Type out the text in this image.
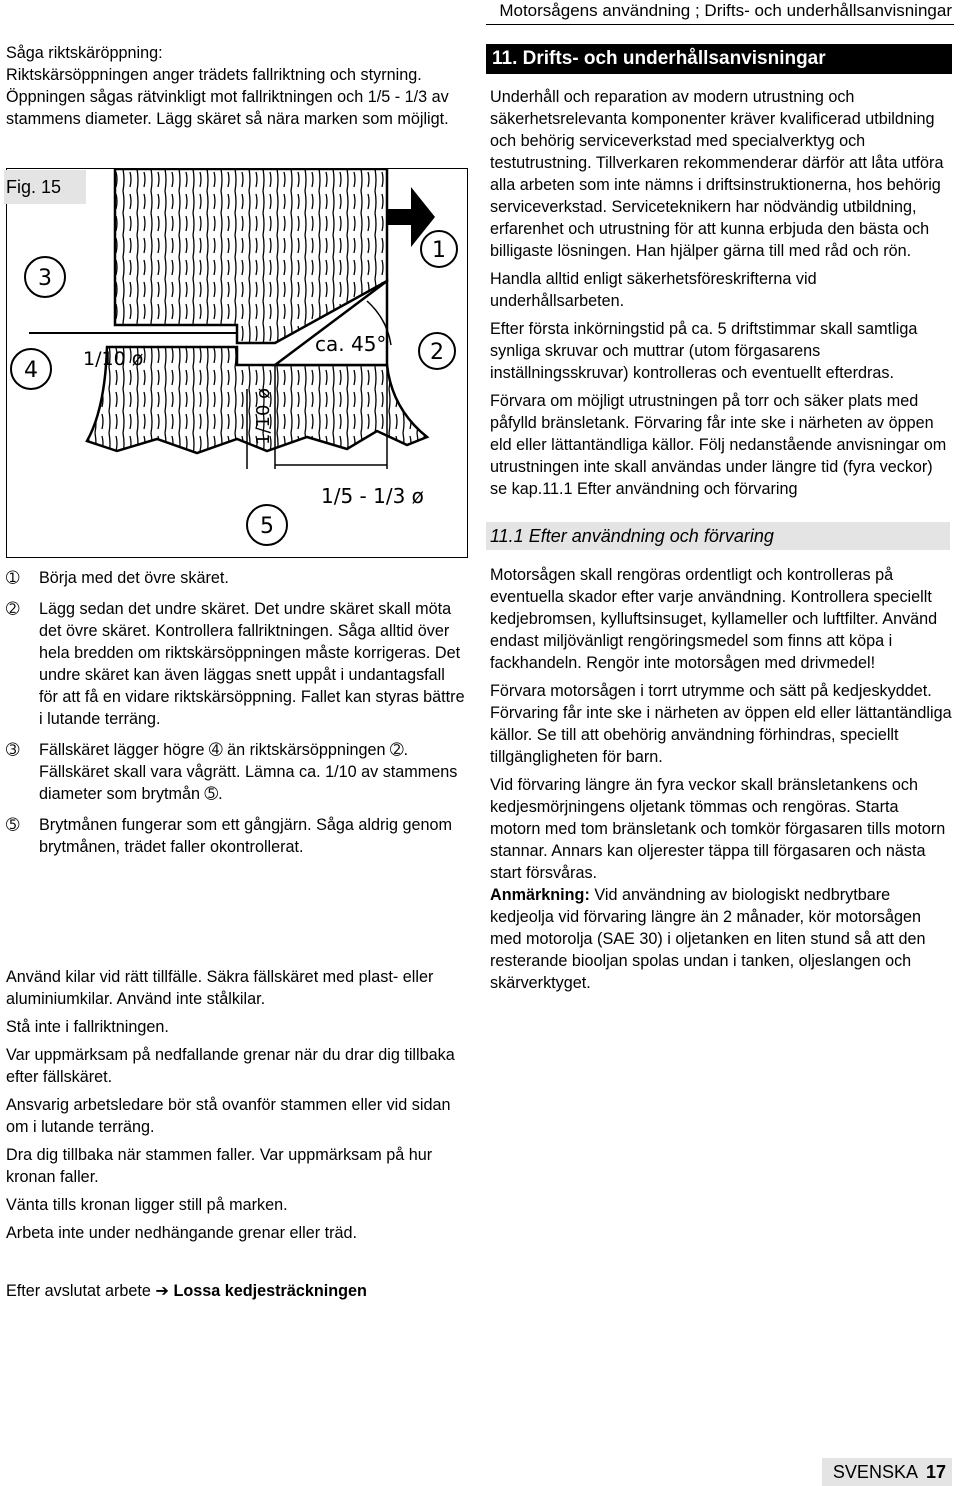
Motorsågens användning ; Drifts- och underhållsanvisningar

Såga riktskäröppning:

Riktskärsöppningen anger trädets fallriktning och styrning. Öppningen sågas rätvinkligt mot fallriktningen och 1/5 - 1/3 av stammens diameter. Lägg skäret så nära marken som möjligt.

ca. 45°
1/10 ø
1/10 ø
1/5 - 1/3 ø
1
2
3
4
5
Fig. 15
➀ Börja med det övre skäret.
➁ Lägg sedan det undre skäret. Det undre skäret skall möta det övre skäret. Kontrollera fallriktningen. Såga alltid över hela bredden om riktskärsöppningen måste korrigeras. Det undre skäret kan även läggas snett uppåt i undantagsfall för att få en vidare riktskärsöppning. Fallet kan styras bättre i lutande terräng.
➂ Fällskäret lägger högre ➃ än riktskärsöppningen ➁. Fällskäret skall vara vågrätt. Lämna ca. 1/10 av stammens diameter som brytmån ➄.
➄ Brytmånen fungerar som ett gångjärn. Såga aldrig genom brytmånen, trädet faller okontrollerat.

Använd kilar vid rätt tillfälle. Säkra fällskäret med plast- eller aluminiumkilar. Använd inte stålkilar.

Stå inte i fallriktningen.

Var uppmärksam på nedfallande grenar när du drar dig tillbaka efter fällskäret.

Ansvarig arbetsledare bör stå ovanför stammen eller vid sidan om i lutande terräng.

Dra dig tillbaka när stammen faller. Var uppmärksam på hur kronan faller.

Vänta tills kronan ligger still på marken.

Arbeta inte under nedhängande grenar eller träd.

Efter avslutat arbete ➔ Lossa kedjesträckningen
11. Drifts- och underhållsanvisningar

Underhåll och reparation av modern utrustning och säkerhetsrelevanta komponenter kräver kvalificerad utbildning och behörig serviceverkstad med specialverktyg och testutrustning. Tillverkaren rekommenderar därför att låta utföra alla arbeten som inte nämns i driftsinstruktionerna, hos behörig serviceverkstad. Serviceteknikern har nödvändig utbildning, erfarenhet och utrustning för att kunna erbjuda den bästa och billigaste lösningen. Han hjälper gärna till med råd och rön.

Handla alltid enligt säkerhetsföreskrifterna vid underhållsarbeten.

Efter första inkörningstid på ca. 5 driftstimmar skall samtliga synliga skruvar och muttrar (utom förgasarens inställningsskruvar) kontrolleras och eventuellt efterdras.

Förvara om möjligt utrustningen på torr och säker plats med påfylld bränsletank. Förvaring får inte ske i närheten av öppen eld eller lättantändliga källor. Följ nedanstående anvisningar om utrustningen inte skall användas under längre tid (fyra veckor) se kap.11.1 Efter användning och förvaring

11.1 Efter användning och förvaring

Motorsågen skall rengöras ordentligt och kontrolleras på eventuella skador efter varje användning. Kontrollera speciellt kedjebromsen, kylluftsinsuget, kyllameller och luftfilter. Använd endast miljövänligt rengöringsmedel som finns att köpa i fackhandeln. Rengör inte motorsågen med drivmedel!

Förvara motorsågen i torrt utrymme och sätt på kedjeskyddet. Förvaring får inte ske i närheten av öppen eld eller lättantändliga källor. Se till att obehörig användning förhindras, speciellt tillgängligheten för barn.

Vid förvaring längre än fyra veckor skall bränsletankens och kedjesmörjningens oljetank tömmas och rengöras. Starta motorn med tom bränsletank och tomkör förgasaren tills motorn stannar. Annars kan oljerester täppa till förgasaren och nästa start försvåras.

Anmärkning: Vid användning av biologiskt nedbrytbare kedjeolja vid förvaring längre än 2 månader, kör motorsågen med motorolja (SAE 30) i oljetanken en liten stund så att den resterande biooljan spolas undan i tanken, oljeslangen och skärverktyget.

SVENSKA 17
